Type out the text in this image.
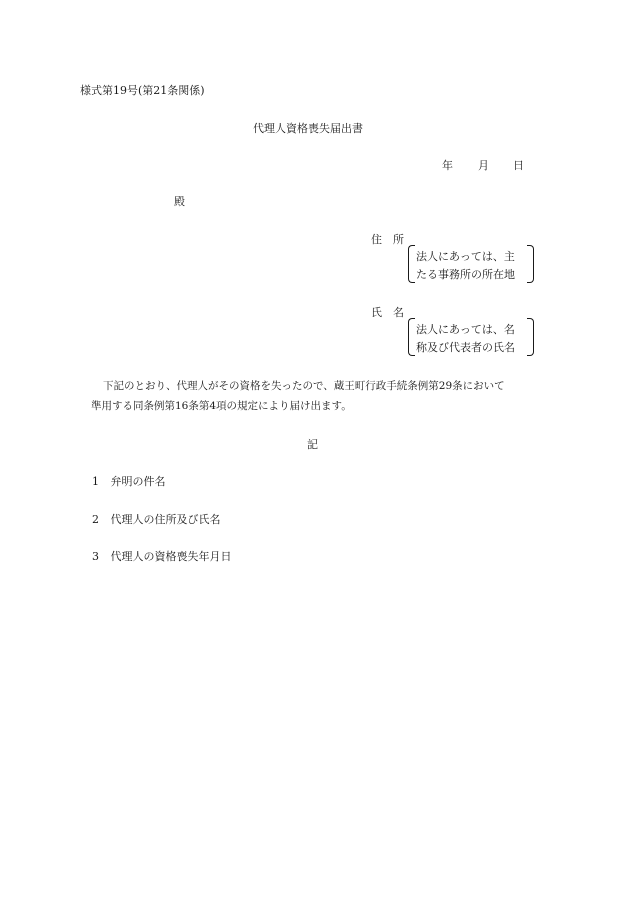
様式第19号(第21条関係)
代理人資格喪失届出書
年 月 日
殿
住　所
法人にあっては、主
たる事務所の所在地
氏　名
法人にあっては、名
称及び代表者の氏名
下記のとおり、代理人がその資格を失ったので、蔵王町行政手続条例第29条において
準用する同条例第16条第4項の規定により届け出ます。
記
1 弁明の件名
2 代理人の住所及び氏名
3 代理人の資格喪失年月日
